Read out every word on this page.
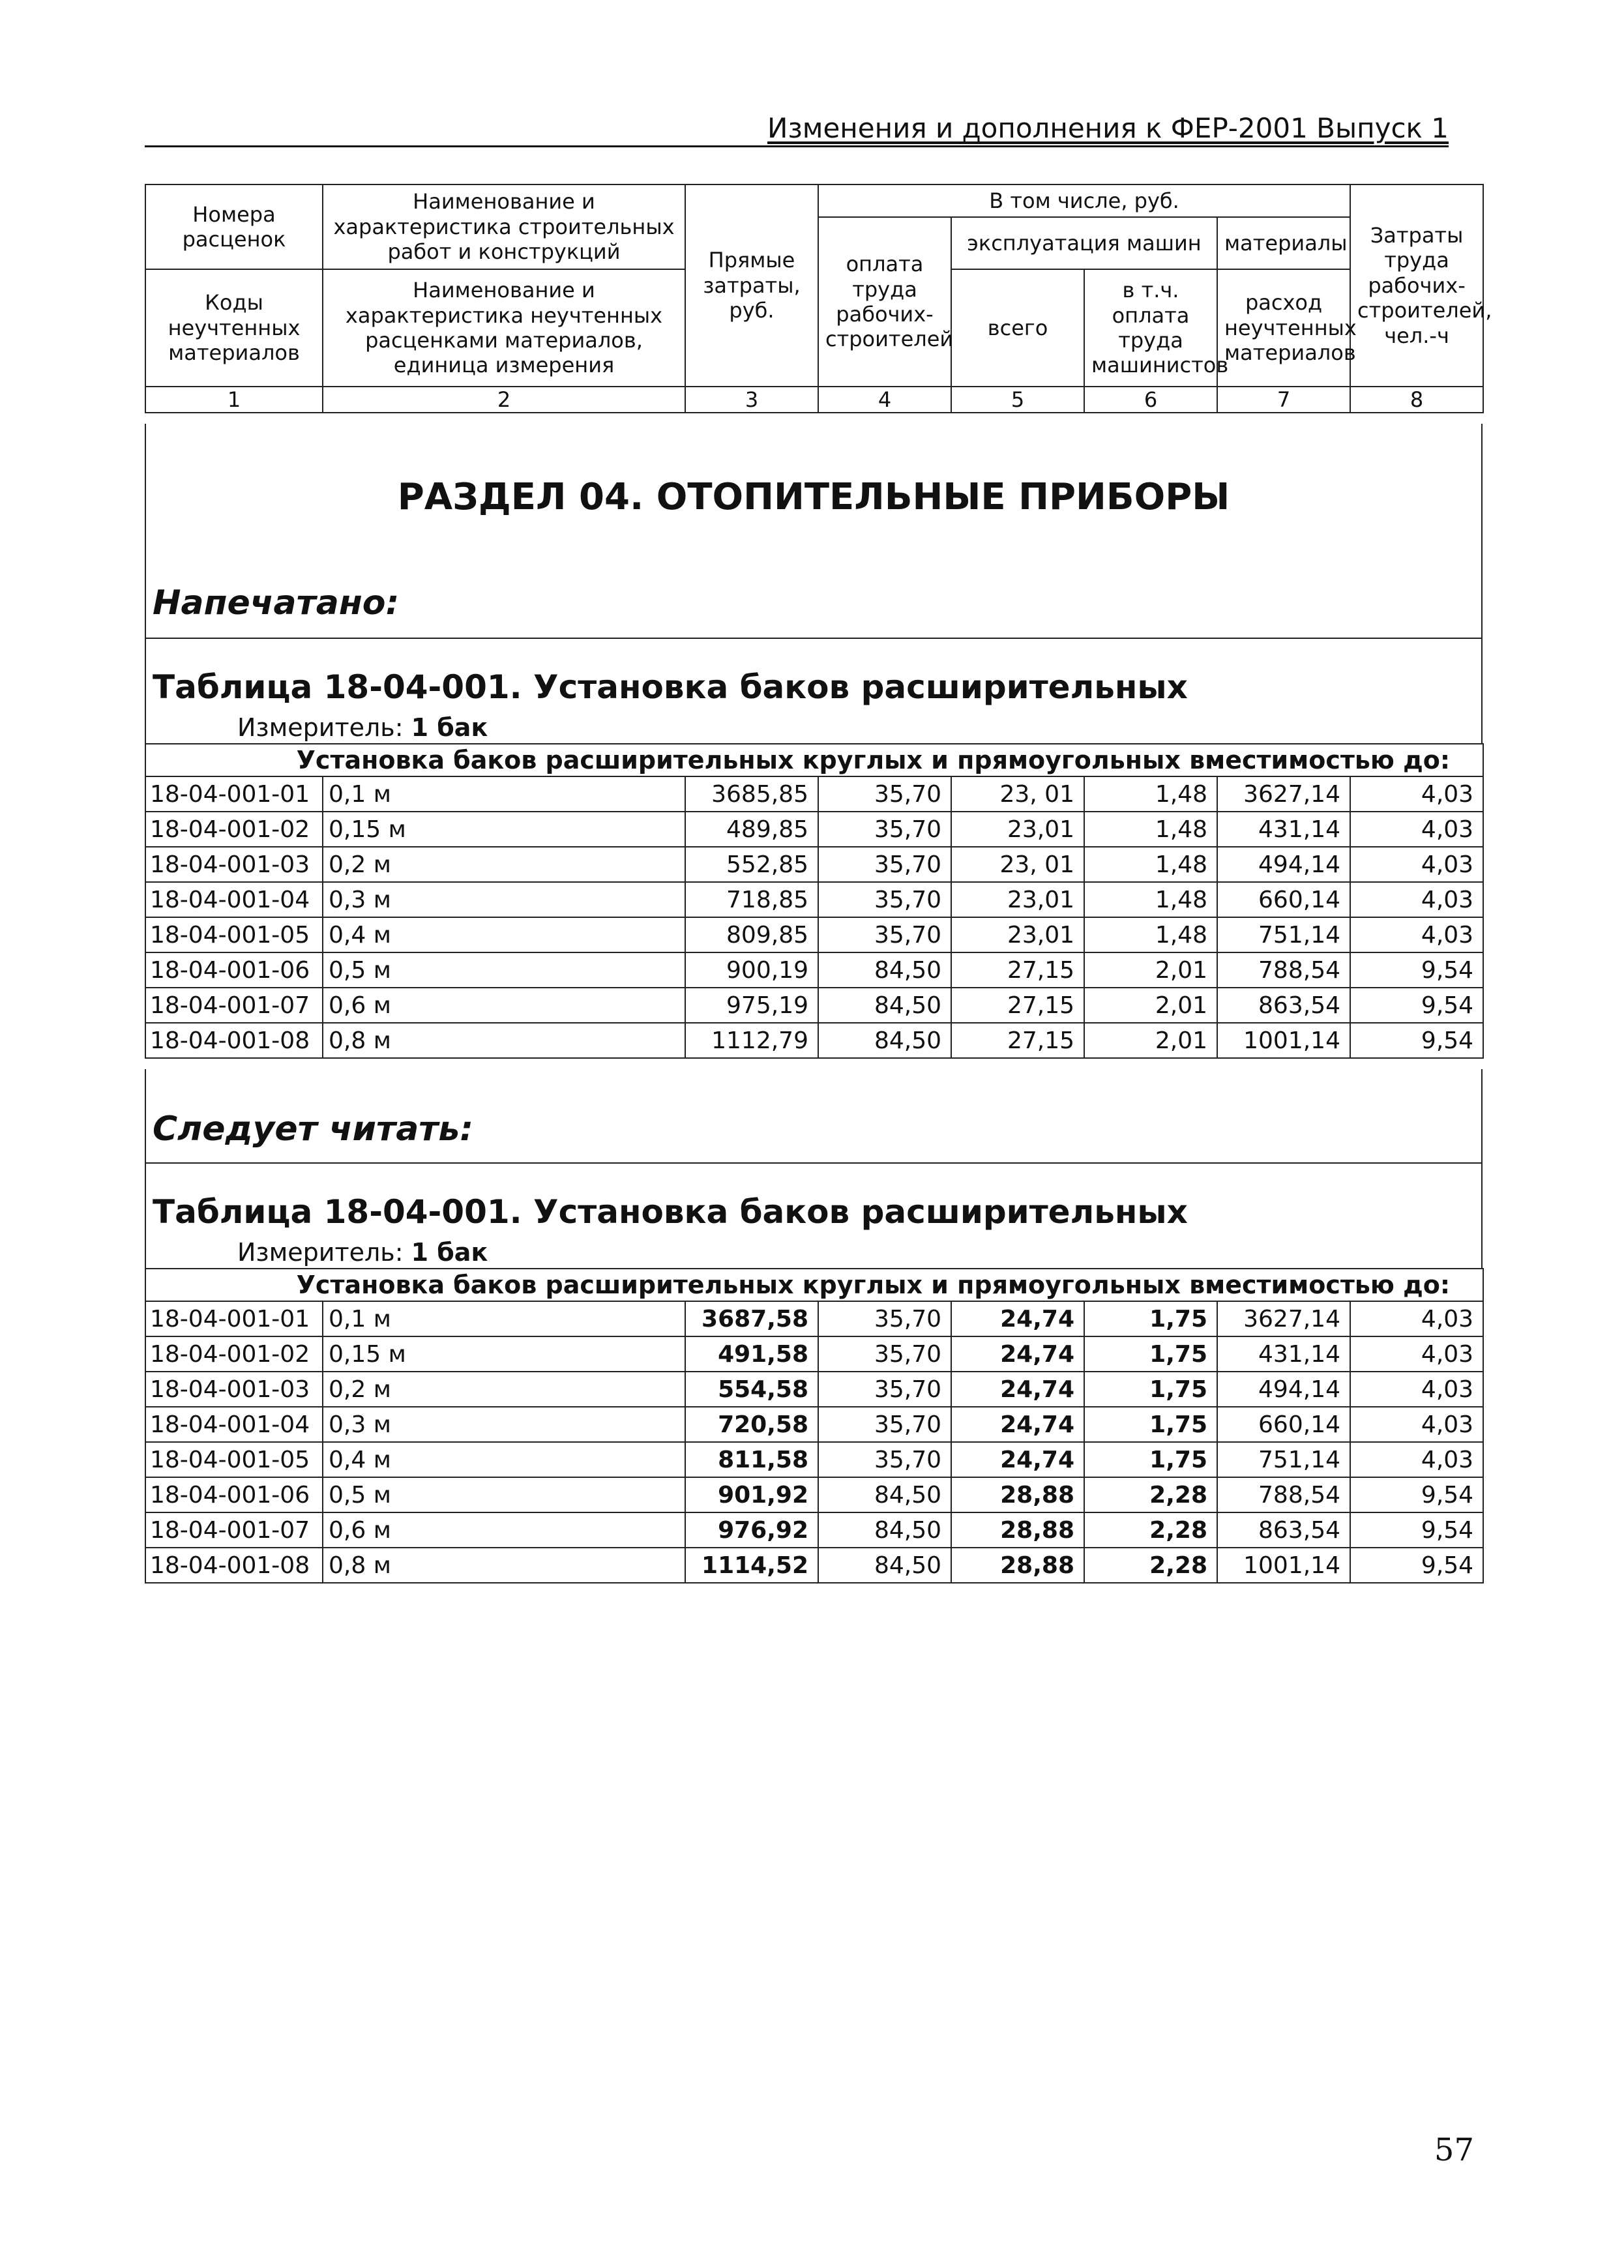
Изменения и дополнения к ФЕР-2001 Выпуск 1
Номера расценок	Наименование и характеристика строительных работ и конструкций	Прямые затраты, руб.	В том числе, руб.				Затраты труда рабочих-строителей, чел.-ч
			оплата труда рабочих-строителей	эксплуатация машин		материалы	
Коды неучтенных материалов	Наименование и характеристика неучтенных расценками материалов, единица измерения			всего	в т.ч. оплата труда машинистов	расход неучтенных материалов	

1	2	3	4	5	6	7	8
РАЗДЕЛ 04. ОТОПИТЕЛЬНЫЕ ПРИБОРЫ
Напечатано:
Таблица 18-04-001. Установка баков расширительных
Измеритель: 1 бак
Установка баков расширительных круглых и прямоугольных вместимостью до:							
18-04-001-01	0,1 м	3685,85	35,70	23, 01	1,48	3627,14	4,03
18-04-001-02	0,15 м	489,85	35,70	23,01	1,48	431,14	4,03
18-04-001-03	0,2 м	552,85	35,70	23, 01	1,48	494,14	4,03
18-04-001-04	0,3 м	718,85	35,70	23,01	1,48	660,14	4,03
18-04-001-05	0,4 м	809,85	35,70	23,01	1,48	751,14	4,03
18-04-001-06	0,5 м	900,19	84,50	27,15	2,01	788,54	9,54
18-04-001-07	0,6 м	975,19	84,50	27,15	2,01	863,54	9,54
18-04-001-08	0,8 м	1112,79	84,50	27,15	2,01	1001,14	9,54
Следует читать:
Таблица 18-04-001. Установка баков расширительных
Измеритель: 1 бак
Установка баков расширительных круглых и прямоугольных вместимостью до:							
18-04-001-01	0,1 м	3687,58	35,70	24,74	1,75	3627,14	4,03
18-04-001-02	0,15 м	491,58	35,70	24,74	1,75	431,14	4,03
18-04-001-03	0,2 м	554,58	35,70	24,74	1,75	494,14	4,03
18-04-001-04	0,3 м	720,58	35,70	24,74	1,75	660,14	4,03
18-04-001-05	0,4 м	811,58	35,70	24,74	1,75	751,14	4,03
18-04-001-06	0,5 м	901,92	84,50	28,88	2,28	788,54	9,54
18-04-001-07	0,6 м	976,92	84,50	28,88	2,28	863,54	9,54
18-04-001-08	0,8 м	1114,52	84,50	28,88	2,28	1001,14	9,54
57
